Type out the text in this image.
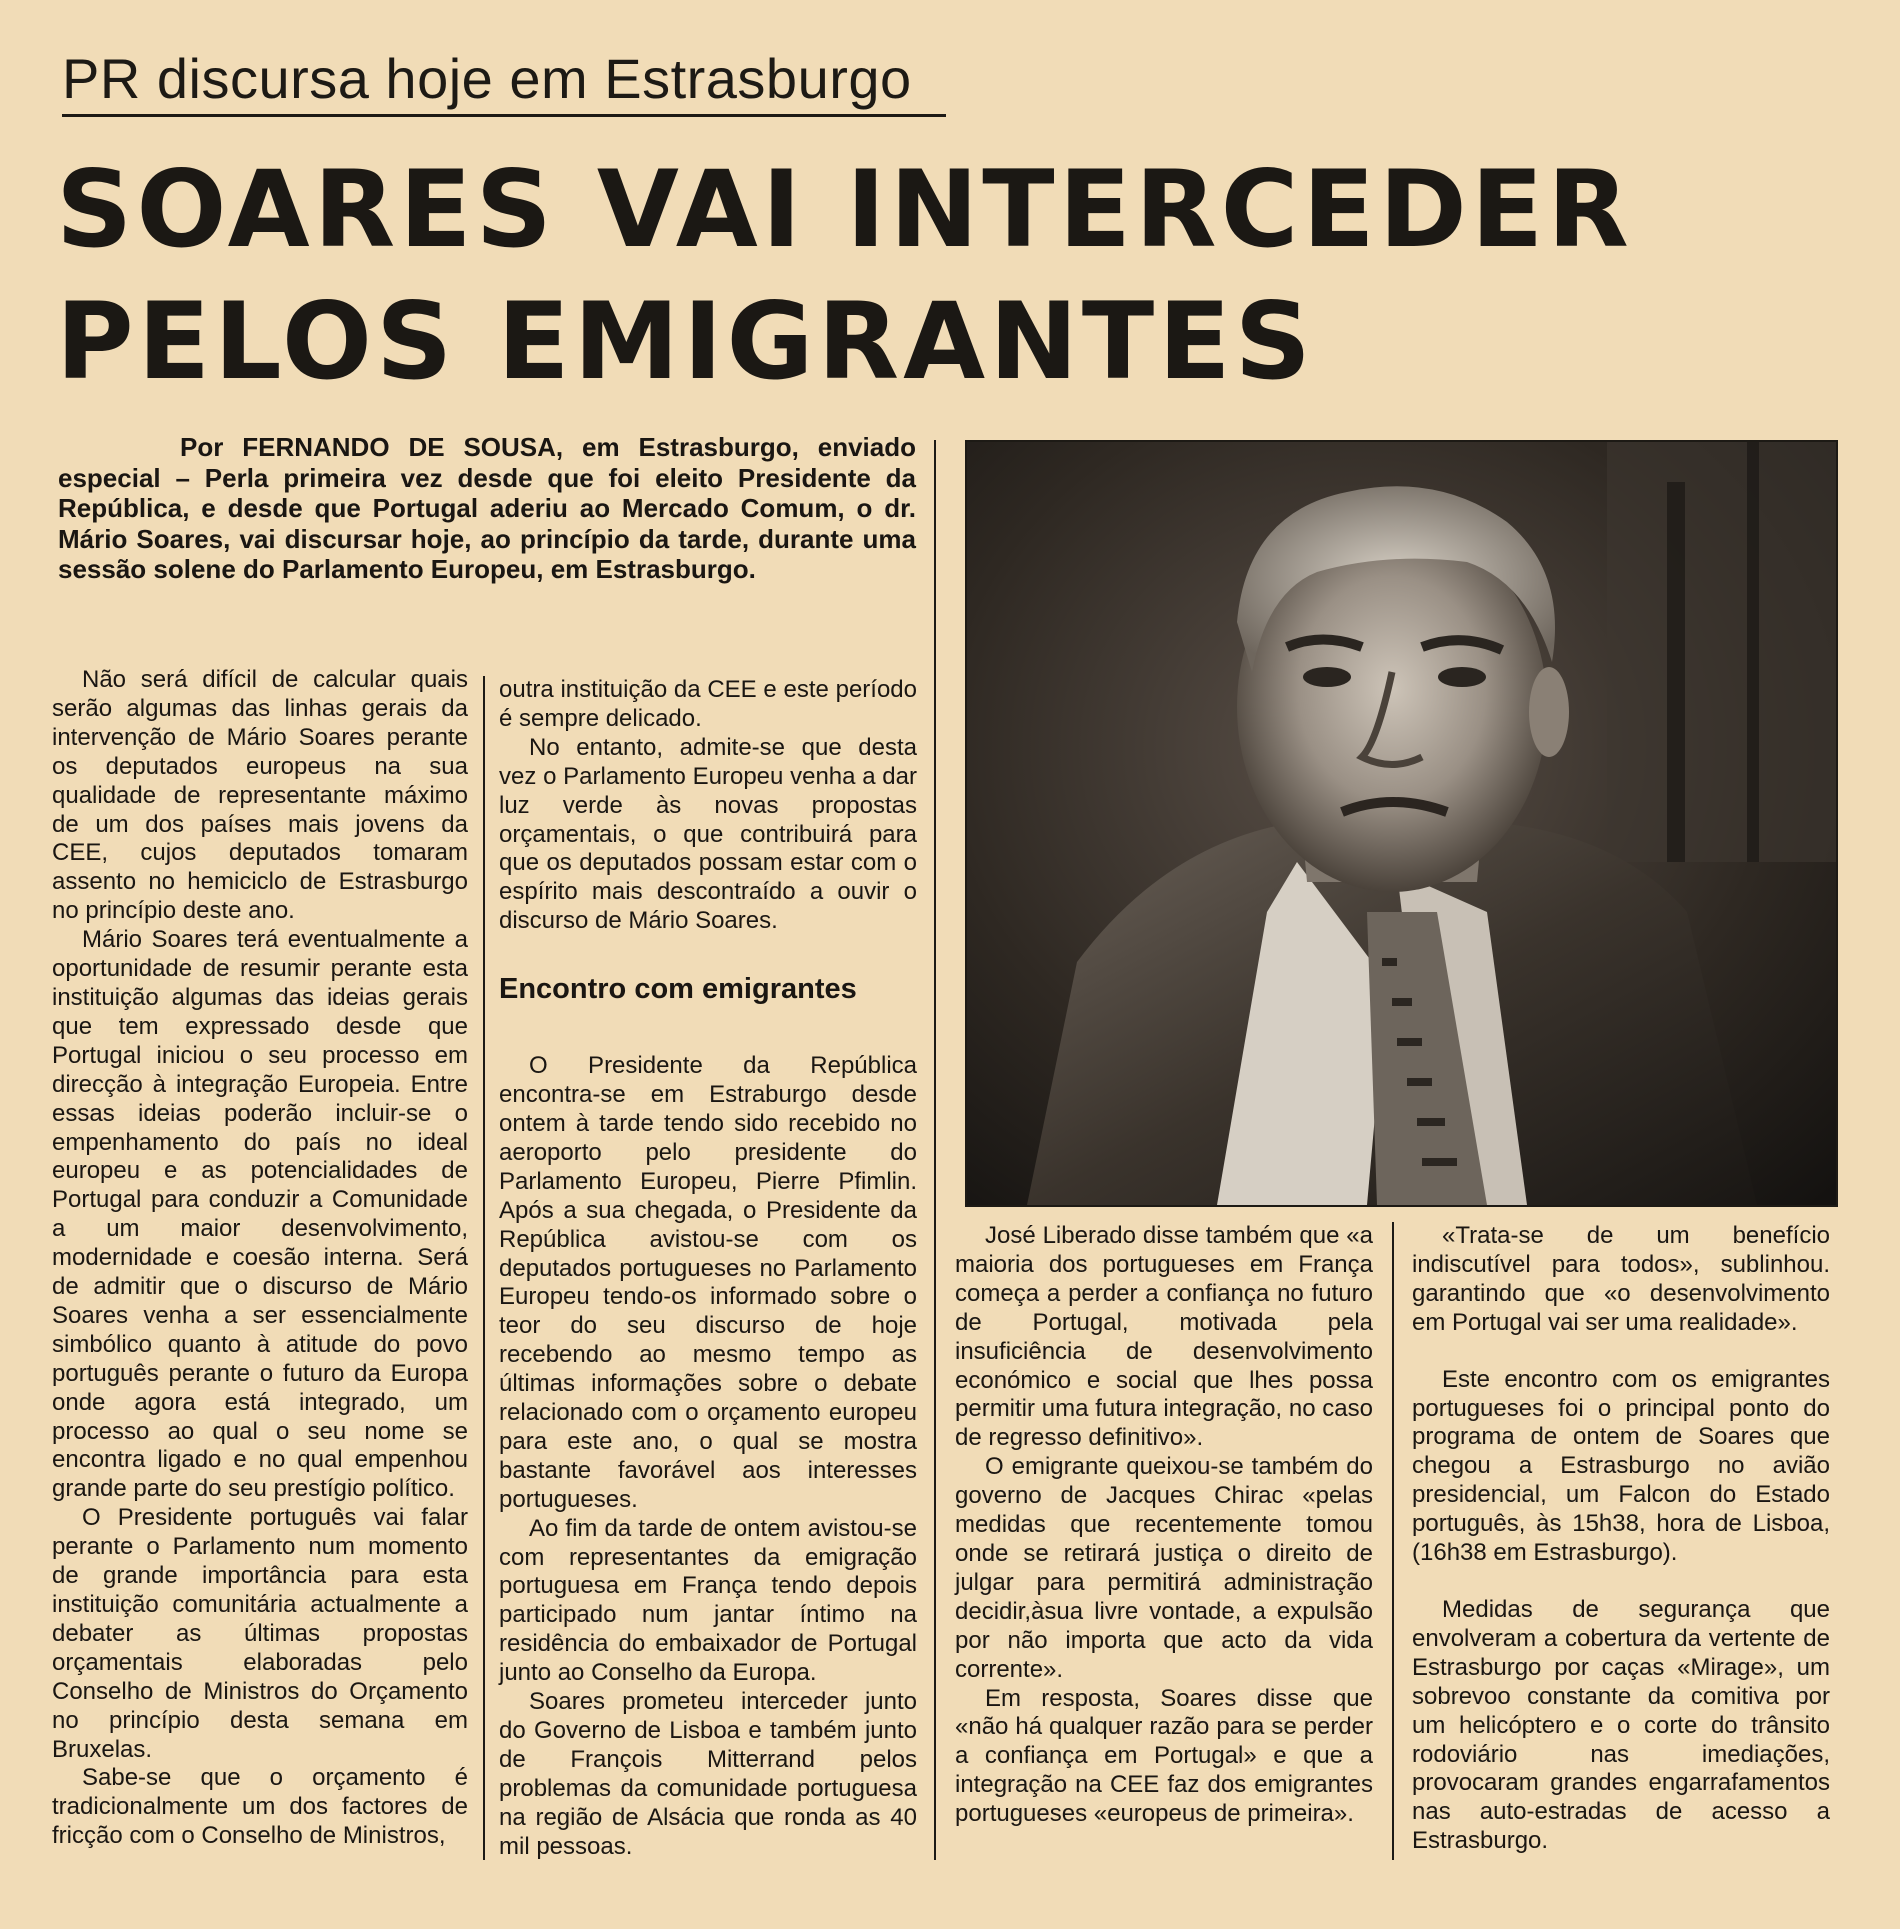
PR discursa hoje em Estrasburgo
SOARES VAI INTERCEDER
PELOS EMIGRANTES
Por FERNANDO DE SOUSA, em Estrasburgo, enviado especial – Perla primeira vez desde que foi eleito Presidente da República, e desde que Portugal aderiu ao Mercado Comum, o dr. Mário Soares, vai discursar hoje, ao princípio da tarde, durante uma sessão solene do Parlamento Europeu, em Estrasburgo.

Não será difícil de calcular quais serão algumas das linhas gerais da intervenção de Mário Soares perante os deputados europeus na sua qualidade de representante máximo de um dos países mais jovens da CEE, cujos deputados tomaram assento no hemiciclo de Estrasburgo no princípio deste ano.

Mário Soares terá eventualmente a oportunidade de resumir perante esta instituição algumas das ideias gerais que tem expressado desde que Portugal iniciou o seu processo em direcção à integração Europeia. Entre essas ideias poderão incluir-se o empenhamento do país no ideal europeu e as potencialidades de Portugal para conduzir a Comunidade a um maior desenvolvimento, modernidade e coesão interna. Será de admitir que o discurso de Mário Soares venha a ser essencialmente simbólico quanto à atitude do povo português perante o futuro da Europa onde agora está integrado, um processo ao qual o seu nome se encontra ligado e no qual empenhou grande parte do seu prestígio político.

O Presidente português vai falar perante o Parlamento num momento de grande importância para esta instituição comunitária actualmente a debater as últimas propostas orçamentais elaboradas pelo Conselho de Ministros do Orçamento no princípio desta semana em Bruxelas.

Sabe-se que o orçamento é tradicionalmente um dos factores de fricção com o Conselho de Ministros,

outra instituição da CEE e este período é sempre delicado.

No entanto, admite-se que desta vez o Parlamento Europeu venha a dar luz verde às novas propostas orçamentais, o que contribuirá para que os deputados possam estar com o espírito mais descontraído a ouvir o discurso de Mário Soares.

Encontro com emigrantes

O Presidente da República encontra-se em Estraburgo desde ontem à tarde tendo sido recebido no aeroporto pelo presidente do Parlamento Europeu, Pierre Pfimlin. Após a sua chegada, o Presidente da República avistou-se com os deputados portugueses no Parlamento Europeu tendo-os informado sobre o teor do seu discurso de hoje recebendo ao mesmo tempo as últimas informações sobre o debate relacionado com o orçamento europeu para este ano, o qual se mostra bastante favorável aos interesses portugueses.

Ao fim da tarde de ontem avistou-se com representantes da emigração portuguesa em França tendo depois participado num jantar íntimo na residência do embaixador de Portugal junto ao Conselho da Europa.

Soares prometeu interceder junto do Governo de Lisboa e também junto de François Mitterrand pelos problemas da comunidade portuguesa na região de Alsácia que ronda as 40 mil pessoas.

José Liberado disse também que «a maioria dos portugueses em França começa a perder a confiança no futuro de Portugal, motivada pela insuficiência de desenvolvimento económico e social que lhes possa permitir uma futura integração, no caso de regresso definitivo».

O emigrante queixou-se também do governo de Jacques Chirac «pelas medidas que recentemente tomou onde se retirará justiça o direito de julgar para permitirá administração decidir,àsua livre vontade, a expulsão por não importa que acto da vida corrente».

Em resposta, Soares disse que «não há qualquer razão para se perder a confiança em Portugal» e que a integração na CEE faz dos emigrantes portugueses «europeus de primeira».

«Trata-se de um benefício indiscutível para todos», sublinhou. garantindo que «o desenvolvimento em Portugal vai ser uma realidade».

Este encontro com os emigrantes portugueses foi o principal ponto do programa de ontem de Soares que chegou a Estrasburgo no avião presidencial, um Falcon do Estado português, às 15h38, hora de Lisboa, (16h38 em Estrasburgo).

Medidas de segurança que envolveram a cobertura da vertente de Estrasburgo por caças «Mirage», um sobrevoo constante da comitiva por um helicóptero e o corte do trânsito rodoviário nas imediações, provocaram grandes engarrafamentos nas auto-estradas de acesso a Estrasburgo.
